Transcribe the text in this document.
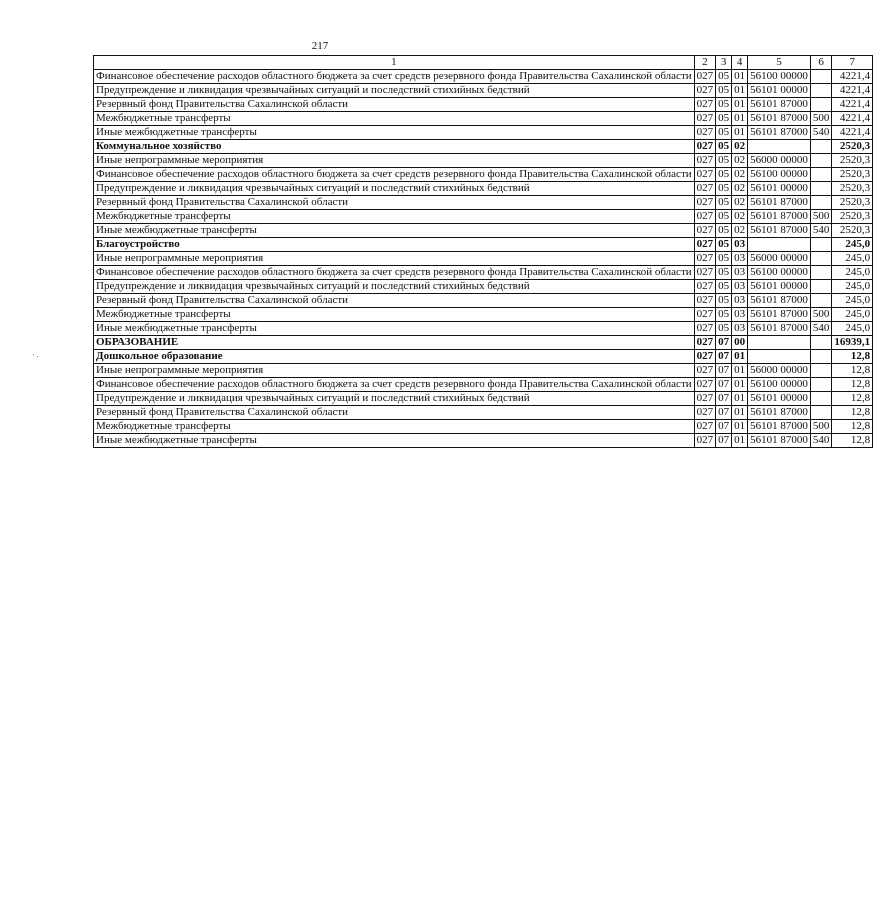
217
1	2	3	4	5	6	7
Финансовое обеспечение расходов областного бюджета за счет средств резервного фонда Правительства Сахалинской области	027	05	01	56100 00000		4221,4
Предупреждение и ликвидация чрезвычайных ситуаций и последствий стихийных бедствий	027	05	01	56101 00000		4221,4
Резервный фонд Правительства Сахалинской области	027	05	01	56101 87000		4221,4
Межбюджетные трансферты	027	05	01	56101 87000	500	4221,4
Иные межбюджетные трансферты	027	05	01	56101 87000	540	4221,4
Коммунальное хозяйство	027	05	02			2520,3
Иные непрограммные мероприятия	027	05	02	56000 00000		2520,3
Финансовое обеспечение расходов областного бюджета за счет средств резервного фонда Правительства Сахалинской области	027	05	02	56100 00000		2520,3
Предупреждение и ликвидация чрезвычайных ситуаций и последствий стихийных бедствий	027	05	02	56101 00000		2520,3
Резервный фонд Правительства Сахалинской области	027	05	02	56101 87000		2520,3
Межбюджетные трансферты	027	05	02	56101 87000	500	2520,3
Иные межбюджетные трансферты	027	05	02	56101 87000	540	2520,3
Благоустройство	027	05	03			245,0
Иные непрограммные мероприятия	027	05	03	56000 00000		245,0
Финансовое обеспечение расходов областного бюджета за счет средств резервного фонда Правительства Сахалинской области	027	05	03	56100 00000		245,0
Предупреждение и ликвидация чрезвычайных ситуаций и последствий стихийных бедствий	027	05	03	56101 00000		245,0
Резервный фонд Правительства Сахалинской области	027	05	03	56101 87000		245,0
Межбюджетные трансферты	027	05	03	56101 87000	500	245,0
Иные межбюджетные трансферты	027	05	03	56101 87000	540	245,0
ОБРАЗОВАНИЕ	027	07	00			16939,1
Дошкольное образование	027	07	01			12,8
Иные непрограммные мероприятия	027	07	01	56000 00000		12,8
Финансовое обеспечение расходов областного бюджета за счет средств резервного фонда Правительства Сахалинской области	027	07	01	56100 00000		12,8
Предупреждение и ликвидация чрезвычайных ситуаций и последствий стихийных бедствий	027	07	01	56101 00000		12,8
Резервный фонд Правительства Сахалинской области	027	07	01	56101 87000		12,8
Межбюджетные трансферты	027	07	01	56101 87000	500	12,8
Иные межбюджетные трансферты	027	07	01	56101 87000	540	12,8
